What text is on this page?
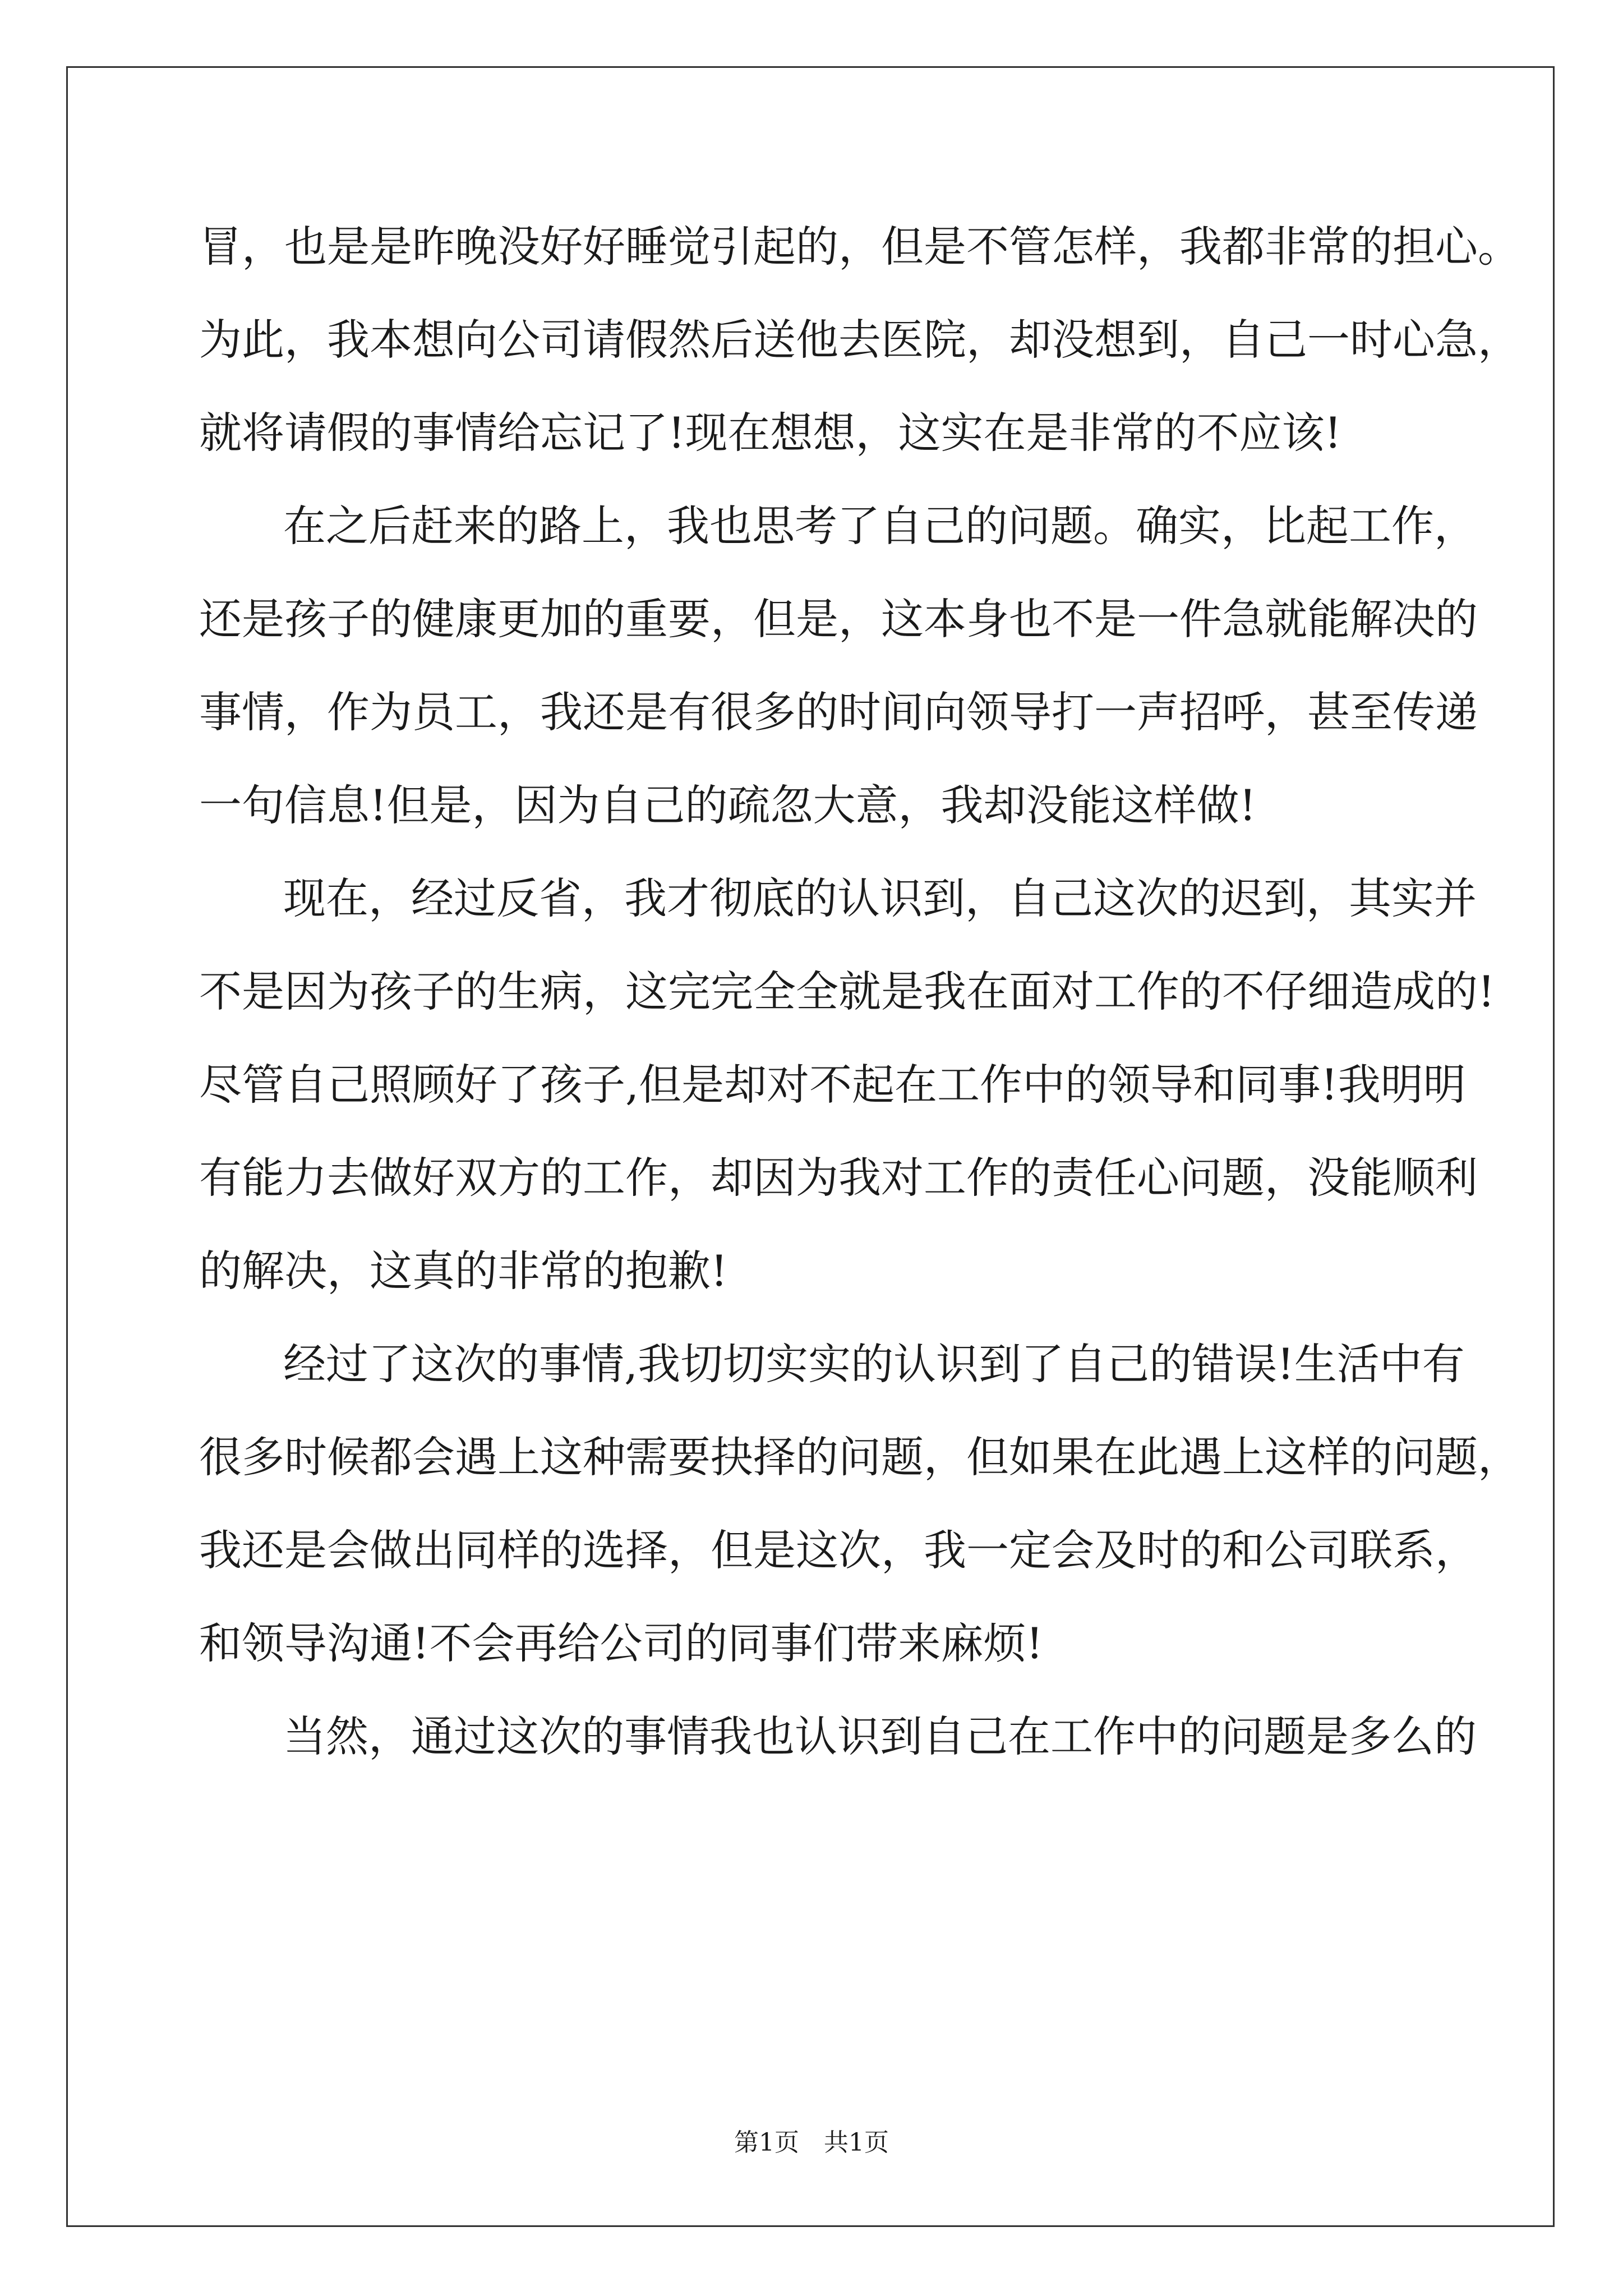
冒，也是是昨晚没好好睡觉引起的，但是不管怎样，我都非常的担心。
为此，我本想向公司请假然后送他去医院，却没想到，自己一时心急，
就将请假的事情给忘记了!现在想想，这实在是非常的不应该!
在之后赶来的路上，我也思考了自己的问题。确实，比起工作，
还是孩子的健康更加的重要，但是，这本身也不是一件急就能解决的
事情，作为员工，我还是有很多的时间向领导打一声招呼，甚至传递
一句信息!但是，因为自己的疏忽大意，我却没能这样做!
现在，经过反省，我才彻底的认识到，自己这次的迟到，其实并
不是因为孩子的生病，这完完全全就是我在面对工作的不仔细造成的!
尽管自己照顾好了孩子,但是却对不起在工作中的领导和同事!我明明
有能力去做好双方的工作，却因为我对工作的责任心问题，没能顺利
的解决，这真的非常的抱歉!
经过了这次的事情,我切切实实的认识到了自己的错误!生活中有
很多时候都会遇上这种需要抉择的问题，但如果在此遇上这样的问题，
我还是会做出同样的选择，但是这次，我一定会及时的和公司联系，
和领导沟通!不会再给公司的同事们带来麻烦!
当然，通过这次的事情我也认识到自己在工作中的问题是多么的
第1页　共1页
